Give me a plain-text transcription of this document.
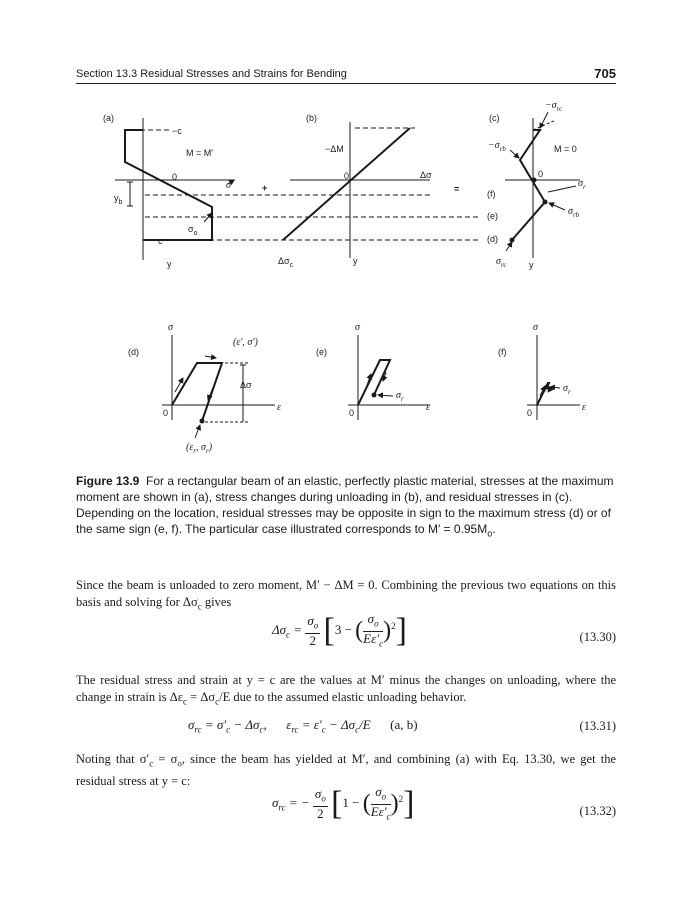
Section 13.3 Residual Stresses and Strains for Bending	705
(a)
−c
M = M'
0
σ'
$y_b$
$\sigma_o$
c
y
+
(b)
−ΔM
0	Δσ
$\Delta\sigma_c$	y
=
(c)
$-\sigma_{rc}$
$-\sigma_{rb}$	M = 0
0
$\sigma_r$
$\sigma_{rb}$
(f)
(e)
(d)
$\sigma_{rc}$ y
(d)
σ
(ε', σ')
Δσ
ε
0
($\varepsilon_r$, $\sigma_r$)
(e)
σ
$\sigma_r$
ε
0
(f)
σ
$\sigma_r$
ε
0
Figure 13.9 For a rectangular beam of an elastic, perfectly plastic material, stresses at the maximum moment are shown in (a), stress changes during unloading in (b), and residual stresses in (c). Depending on the location, residual stresses may be opposite in sign to the maximum stress (d) or of the same sign (e, f). The particular case illustrated corresponds to $M' = 0.95M_o$.
Since the beam is unloaded to zero moment, M′ − ΔM = 0. Combining the previous two equations on this basis and solving for $\Delta\sigma_c$ gives
$\Delta\sigma_c = \frac{\sigma_o}{2} [3$ − ( $\frac{\sigma_o}{E\varepsilon'_c} )^2$]	(13.30)
The residual stress and strain at y = c are the values at M′ minus the changes on unloading, where the change in strain is $\Delta\varepsilon_c = \Delta\sigma_c/E$ due to the assumed elastic unloading behavior.
$\sigma_{rc} = \sigma'_c - \Delta\sigma_c$,      $\varepsilon_{rc} = \varepsilon'_c - \Delta\sigma_c/E$      (a, b)	(13.31)
Noting that $\sigma'_c = \sigma_o$, since the beam has yielded at M′, and combining (a) with Eq. 13.30, we get the residual stress at y = c:
$\sigma_{rc}$ = − $\frac{\sigma_o}{2} [1$ − ( $\frac{\sigma_o}{E\varepsilon'_c} )^2$]	(13.32)
